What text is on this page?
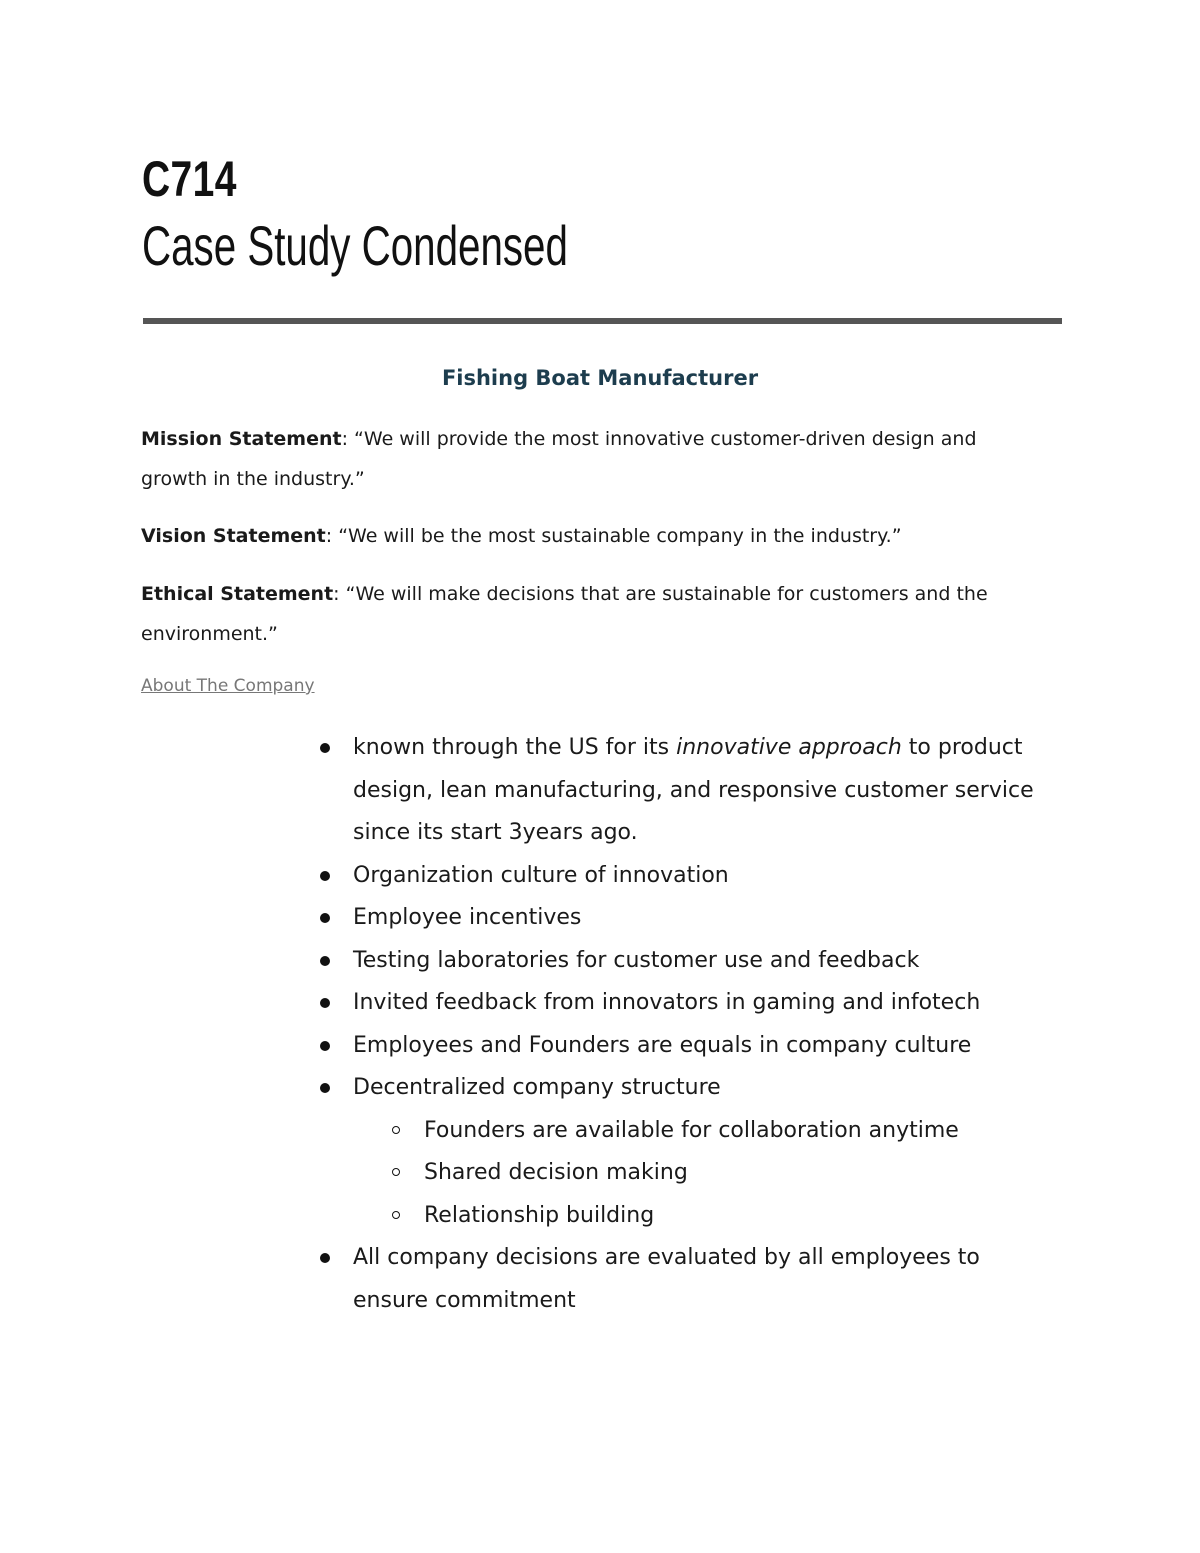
C714
Case Study Condensed
Fishing Boat Manufacturer
Mission Statement: “We will provide the most innovative customer-driven design and growth in the industry.”
Vision Statement: “We will be the most sustainable company in the industry.”
Ethical Statement: “We will make decisions that are sustainable for customers and the environment.”
About The Company
known through the US for its innovative approach to product design, lean manufacturing, and responsive customer service since its start 3years ago.
Organization culture of innovation
Employee incentives
Testing laboratories for customer use and feedback
Invited feedback from innovators in gaming and infotech
Employees and Founders are equals in company culture
Decentralized company structure
Founders are available for collaboration anytime
Shared decision making
Relationship building
All company decisions are evaluated by all employees to ensure commitment
